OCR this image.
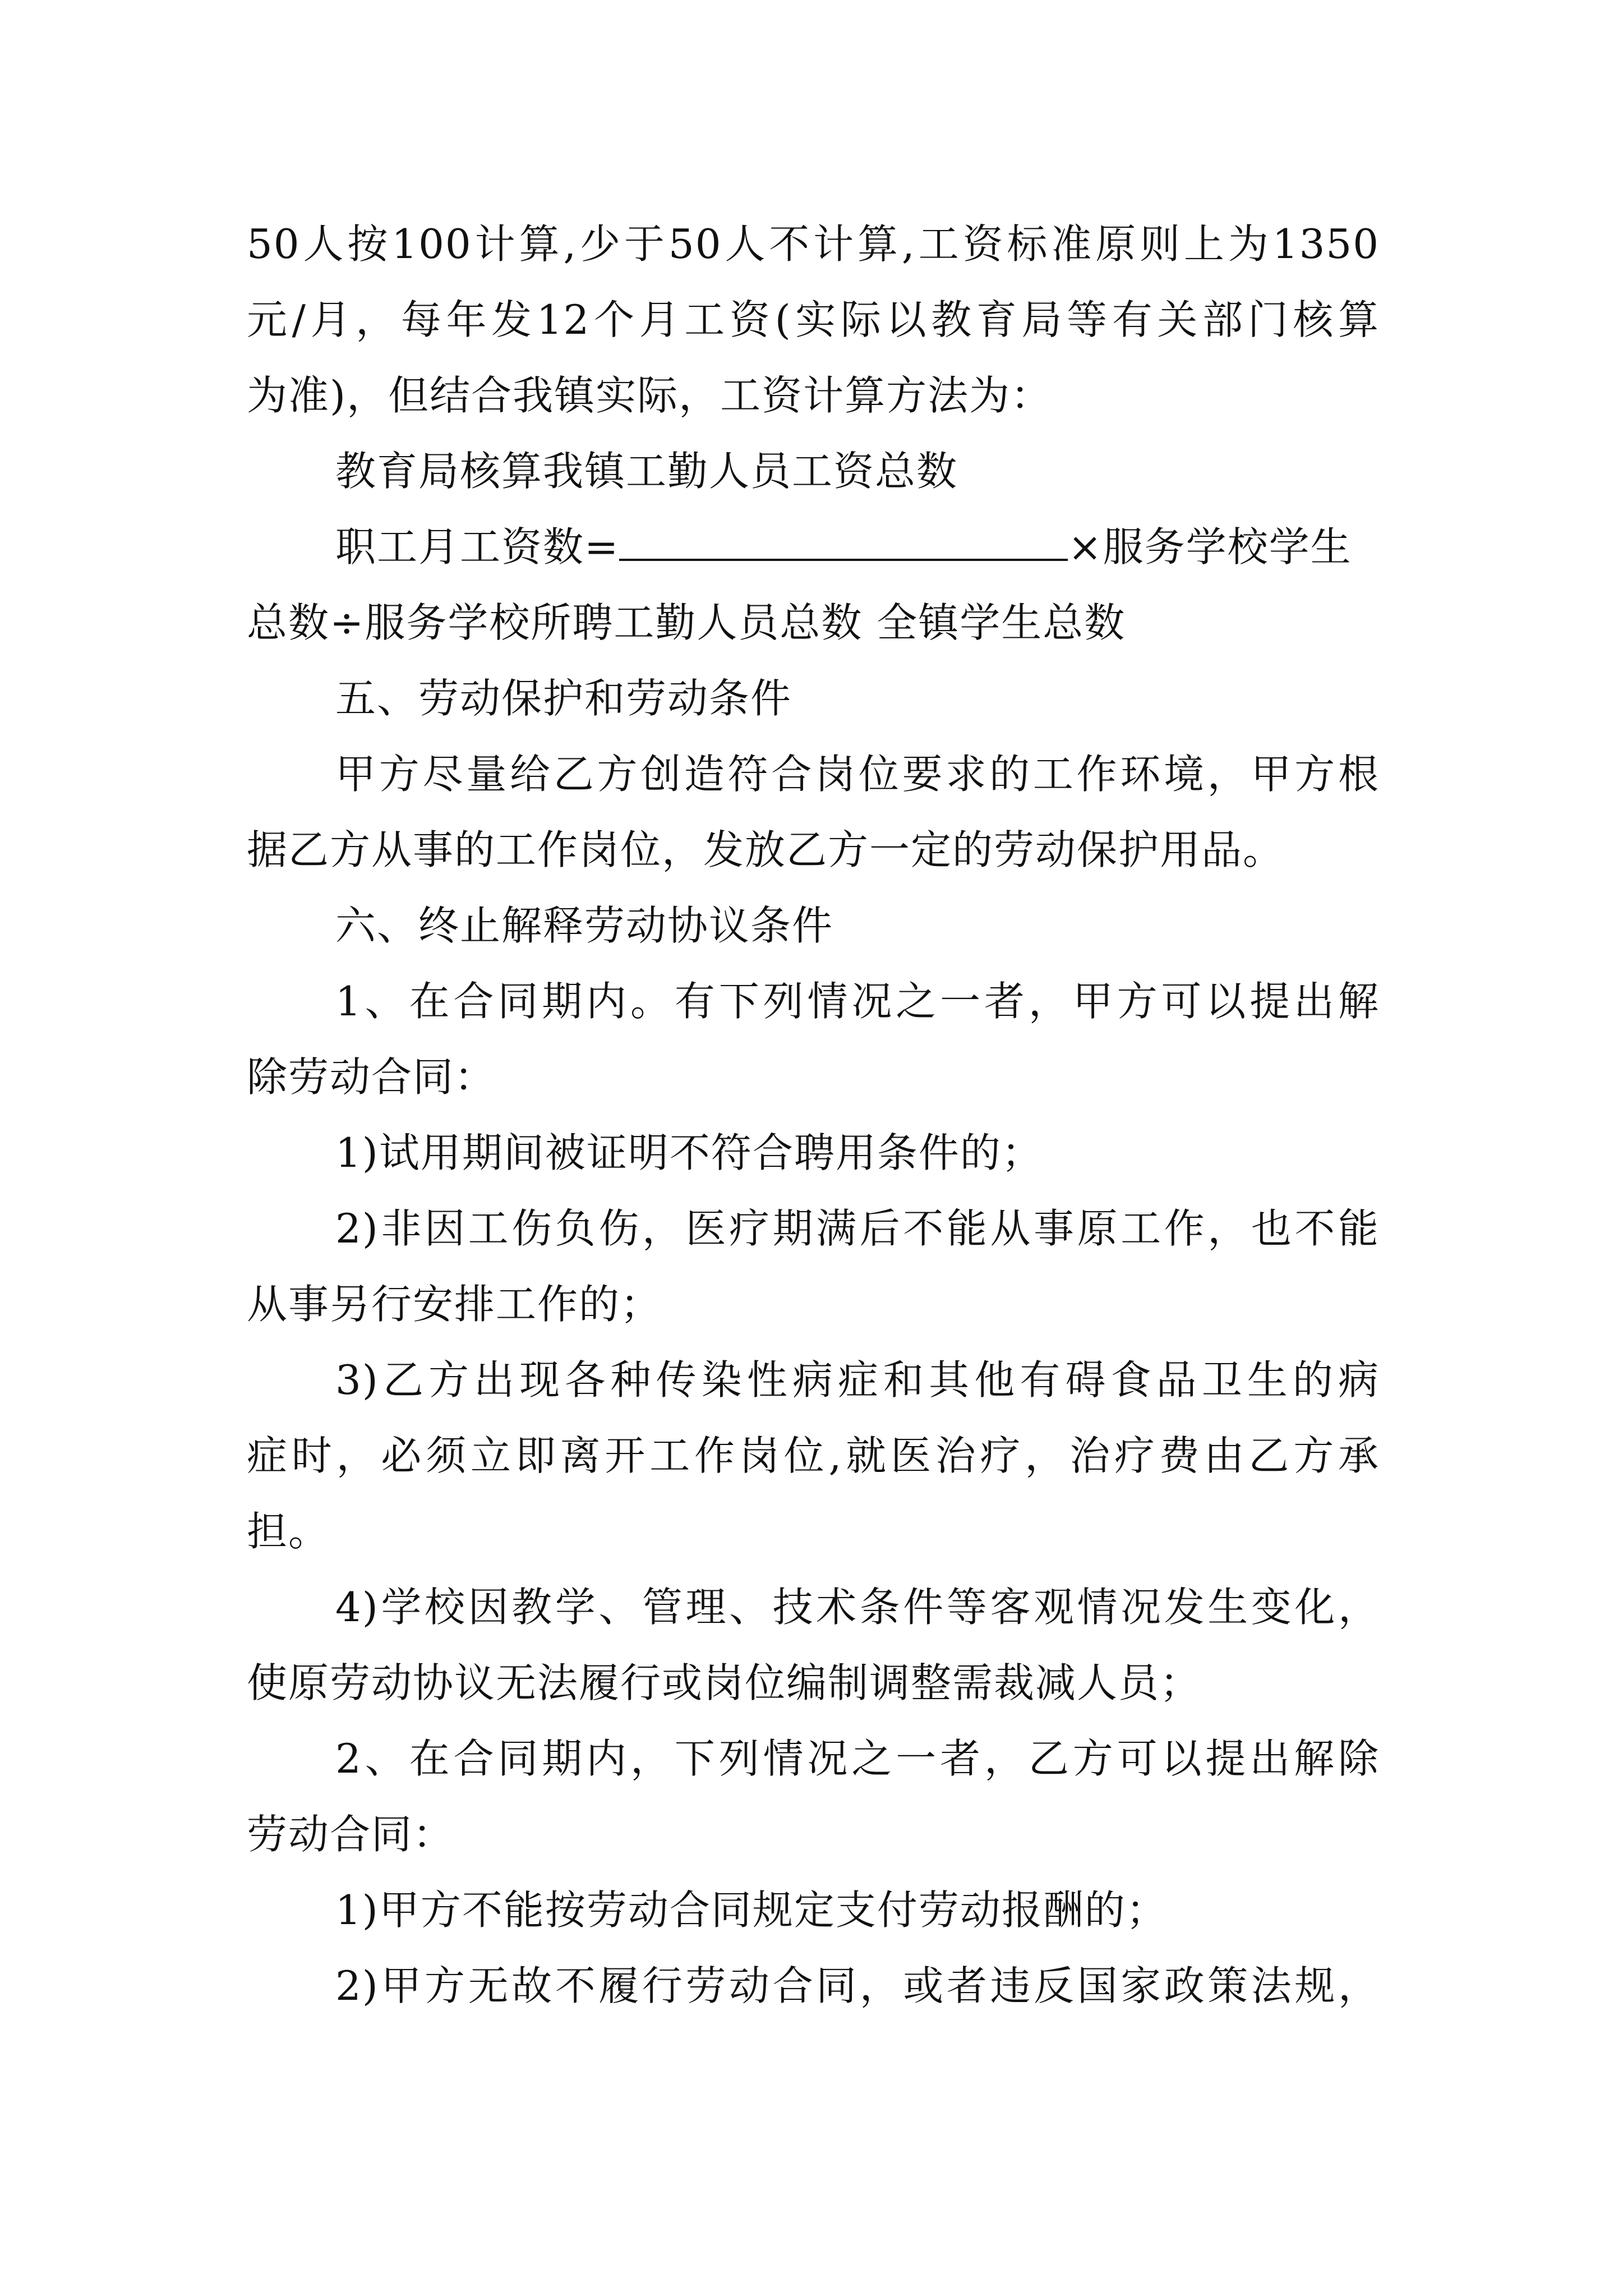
50人按100计算,少于50人不计算,工资标准原则上为1350
元/月，每年发12个月工资(实际以教育局等有关部门核算
为准)，但结合我镇实际，工资计算方法为：
教育局核算我镇工勤人员工资总数
职工月工资数=	×服务学校学生
总数÷服务学校所聘工勤人员总数 全镇学生总数
五、劳动保护和劳动条件
甲方尽量给乙方创造符合岗位要求的工作环境，甲方根
据乙方从事的工作岗位，发放乙方一定的劳动保护用品。
六、终止解释劳动协议条件
1、在合同期内。有下列情况之一者，甲方可以提出解
除劳动合同：
1)试用期间被证明不符合聘用条件的；
2)非因工伤负伤，医疗期满后不能从事原工作，也不能
从事另行安排工作的；
3)乙方出现各种传染性病症和其他有碍食品卫生的病
症时，必须立即离开工作岗位,就医治疗，治疗费由乙方承
担。
4)学校因教学、管理、技术条件等客观情况发生变化，
使原劳动协议无法履行或岗位编制调整需裁减人员；
2、在合同期内，下列情况之一者，乙方可以提出解除
劳动合同：
1)甲方不能按劳动合同规定支付劳动报酬的；
2)甲方无故不履行劳动合同，或者违反国家政策法规，
